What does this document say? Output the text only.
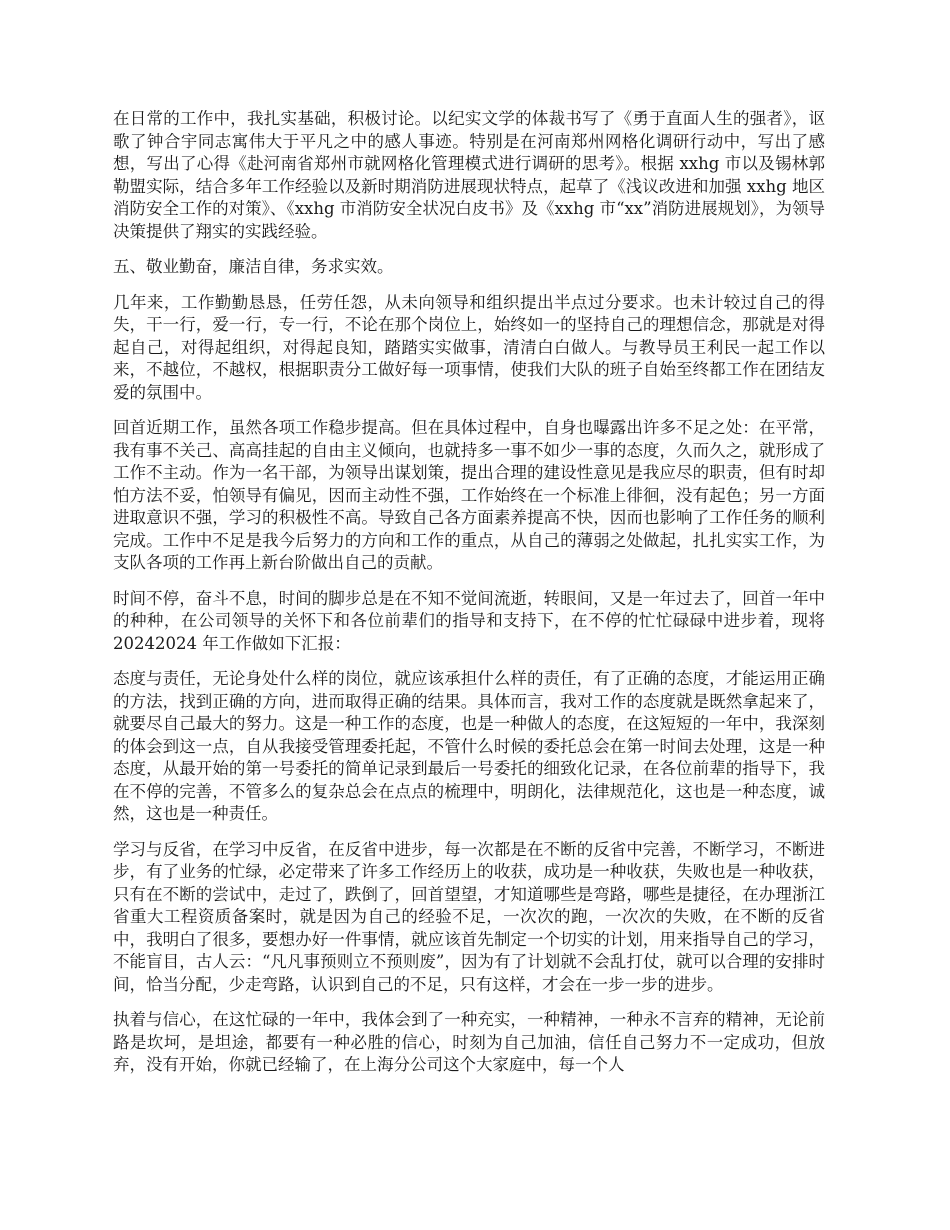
在日常的工作中，我扎实基础，积极讨论。以纪实文学的体裁书写了《勇于直面人生的强者》，讴歌了钟合宇同志寓伟大于平凡之中的感人事迹。特别是在河南郑州网格化调研行动中，写出了感想，写出了心得《赴河南省郑州市就网格化管理模式进行调研的思考》。根据 xxhg 市以及锡林郭勒盟实际，结合多年工作经验以及新时期消防进展现状特点，起草了《浅议改进和加强 xxhg 地区消防安全工作的对策》、《xxhg 市消防安全状况白皮书》及《xxhg 市“xx”消防进展规划》，为领导决策提供了翔实的实践经验。

五、敬业勤奋，廉洁自律，务求实效。

几年来，工作勤勤恳恳，任劳任怨，从未向领导和组织提出半点过分要求。也未计较过自己的得失，干一行，爱一行，专一行，不论在那个岗位上，始终如一的坚持自己的理想信念，那就是对得起自己，对得起组织，对得起良知，踏踏实实做事，清清白白做人。与教导员王利民一起工作以来，不越位，不越权，根据职责分工做好每一项事情，使我们大队的班子自始至终都工作在团结友爱的氛围中。

回首近期工作，虽然各项工作稳步提高。但在具体过程中，自身也曝露出许多不足之处：在平常，我有事不关己、高高挂起的自由主义倾向，也就持多一事不如少一事的态度，久而久之，就形成了工作不主动。作为一名干部，为领导出谋划策，提出合理的建设性意见是我应尽的职责，但有时却怕方法不妥，怕领导有偏见，因而主动性不强，工作始终在一个标准上徘徊，没有起色；另一方面进取意识不强，学习的积极性不高。导致自己各方面素养提高不快，因而也影响了工作任务的顺利完成。工作中不足是我今后努力的方向和工作的重点，从自己的薄弱之处做起，扎扎实实工作，为支队各项的工作再上新台阶做出自己的贡献。

时间不停，奋斗不息，时间的脚步总是在不知不觉间流逝，转眼间，又是一年过去了，回首一年中的种种，在公司领导的关怀下和各位前辈们的指导和支持下，在不停的忙忙碌碌中进步着，现将 20242024 年工作做如下汇报：

态度与责任，无论身处什么样的岗位，就应该承担什么样的责任，有了正确的态度，才能运用正确的方法，找到正确的方向，进而取得正确的结果。具体而言，我对工作的态度就是既然拿起来了，就要尽自己最大的努力。这是一种工作的态度，也是一种做人的态度，在这短短的一年中，我深刻的体会到这一点，自从我接受管理委托起，不管什么时候的委托总会在第一时间去处理，这是一种态度，从最开始的第一号委托的简单记录到最后一号委托的细致化记录，在各位前辈的指导下，我在不停的完善，不管多么的复杂总会在点点的梳理中，明朗化，法律规范化，这也是一种态度，诚然，这也是一种责任。

学习与反省，在学习中反省，在反省中进步，每一次都是在不断的反省中完善，不断学习，不断进步，有了业务的忙绿，必定带来了许多工作经历上的收获，成功是一种收获，失败也是一种收获，只有在不断的尝试中，走过了，跌倒了，回首望望，才知道哪些是弯路，哪些是捷径，在办理浙江省重大工程资质备案时，就是因为自己的经验不足，一次次的跑，一次次的失败，在不断的反省中，我明白了很多，要想办好一件事情，就应该首先制定一个切实的计划，用来指导自己的学习，不能盲目，古人云：“凡凡事预则立不预则废”，因为有了计划就不会乱打仗，就可以合理的安排时间，恰当分配，少走弯路，认识到自己的不足，只有这样，才会在一步一步的进步。

执着与信心，在这忙碌的一年中，我体会到了一种充实，一种精神，一种永不言弃的精神，无论前路是坎坷，是坦途，都要有一种必胜的信心，时刻为自己加油，信任自己努力不一定成功，但放弃，没有开始，你就已经输了，在上海分公司这个大家庭中，每一个人
